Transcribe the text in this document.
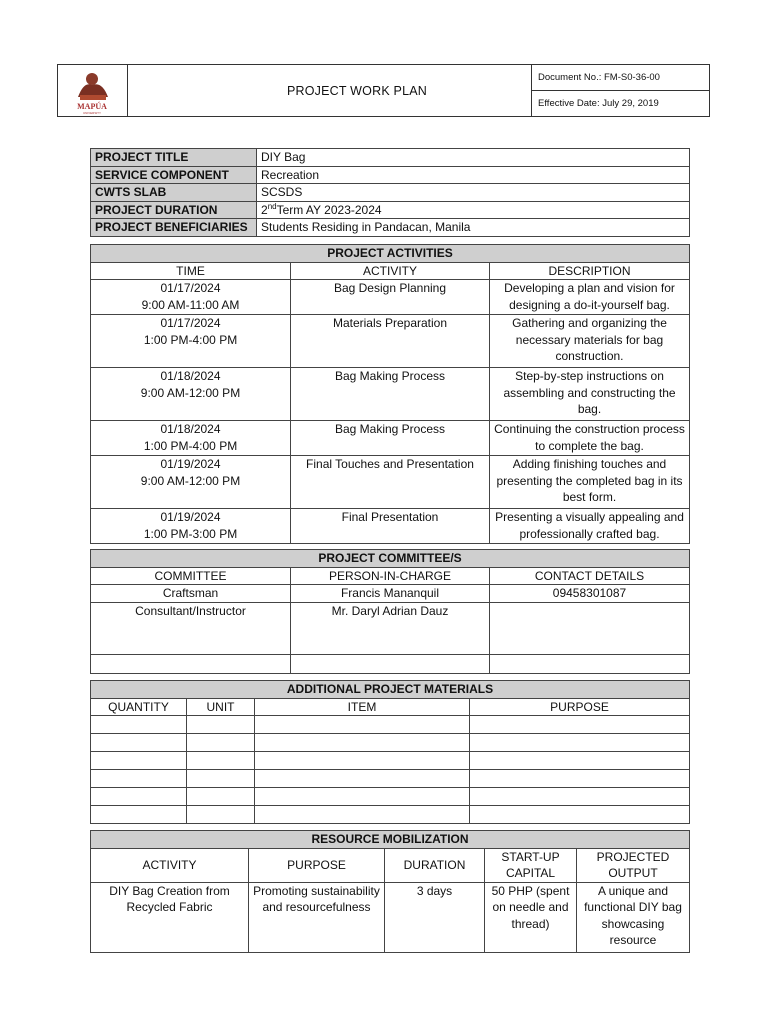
MAPÚA
UNIVERSITY
PROJECT WORK PLAN
Document No.: FM-S0-36-00
Effective Date: July 29, 2019
PROJECT TITLE	DIY Bag
SERVICE COMPONENT	Recreation
CWTS SLAB	SCSDS
PROJECT DURATION	2ndTerm AY 2023-2024
PROJECT BENEFICIARIES	Students Residing in Pandacan, Manila
PROJECT ACTIVITIES		
TIME	ACTIVITY	DESCRIPTION

01/17/2024
9:00 AM-11:00 AM	Bag Design Planning	Developing a plan and vision for designing a do-it-yourself bag.

01/17/2024
1:00 PM-4:00 PM	Materials Preparation	Gathering and organizing the necessary materials for bag construction.

01/18/2024
9:00 AM-12:00 PM	Bag Making Process	Step-by-step instructions on assembling and constructing the bag.

01/18/2024
1:00 PM-4:00 PM	Bag Making Process	Continuing the construction process to complete the bag.

01/19/2024
9:00 AM-12:00 PM	Final Touches and Presentation	Adding finishing touches and presenting the completed bag in its best form.

01/19/2024
1:00 PM-3:00 PM	Final Presentation	Presenting a visually appealing and professionally crafted bag.
PROJECT COMMITTEE/S		
COMMITTEE	PERSON-IN-CHARGE	CONTACT DETAILS
Craftsman	Francis Mananquil	09458301087
Consultant/Instructor	Mr. Daryl Adrian Dauz	

ADDITIONAL PROJECT MATERIALS			
QUANTITY	UNIT	ITEM	PURPOSE

RESOURCE MOBILIZATION				
ACTIVITY	PURPOSE	DURATION	START-UP CAPITAL	PROJECTED OUTPUT
DIY Bag Creation from Recycled Fabric	Promoting sustainability and resourcefulness	3 days	50 PHP (spent on needle and thread)	A unique and functional DIY bag showcasing resource
